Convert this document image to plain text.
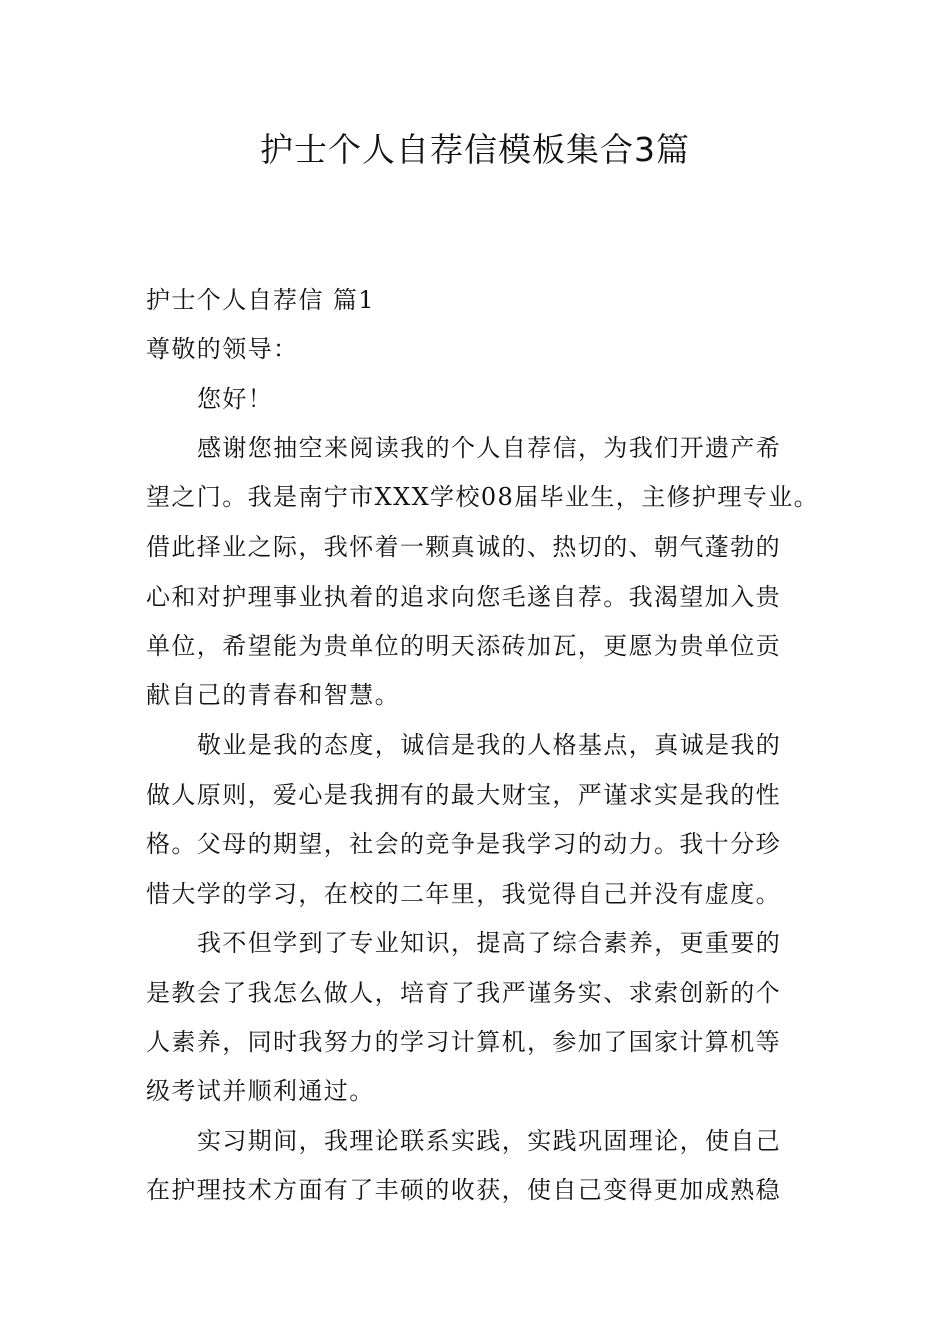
护士个人自荐信模板集合3篇
护士个人自荐信 篇1
尊敬的领导：
您好！
感谢您抽空来阅读我的个人自荐信，为我们开遗产希
望之门。我是南宁市XXX学校08届毕业生，主修护理专业。
借此择业之际，我怀着一颗真诚的、热切的、朝气蓬勃的
心和对护理事业执着的追求向您毛遂自荐。我渴望加入贵
单位，希望能为贵单位的明天添砖加瓦，更愿为贵单位贡
献自己的青春和智慧。
敬业是我的态度，诚信是我的人格基点，真诚是我的
做人原则，爱心是我拥有的最大财宝，严谨求实是我的性
格。父母的期望，社会的竞争是我学习的动力。我十分珍
惜大学的学习，在校的二年里，我觉得自己并没有虚度。
我不但学到了专业知识，提高了综合素养，更重要的
是教会了我怎么做人，培育了我严谨务实、求索创新的个
人素养，同时我努力的学习计算机，参加了国家计算机等
级考试并顺利通过。
实习期间，我理论联系实践，实践巩固理论，使自己
在护理技术方面有了丰硕的收获，使自己变得更加成熟稳
